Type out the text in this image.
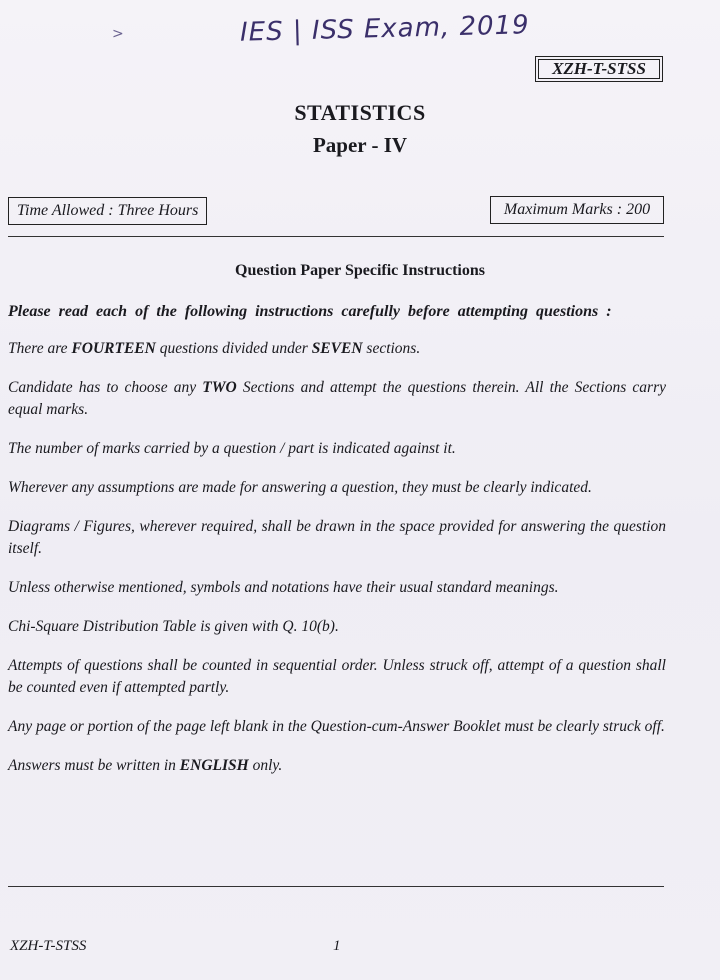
>	IES | ISS Exam, 2019
XZH-T-STSS
STATISTICS
Paper - IV
Time Allowed : Three Hours	Maximum Marks : 200
Question Paper Specific Instructions

Please read each of the following instructions carefully before attempting questions :

There are FOURTEEN questions divided under SEVEN sections.

Candidate has to choose any TWO Sections and attempt the questions therein. All the Sections carry equal marks.

The number of marks carried by a question / part is indicated against it.

Wherever any assumptions are made for answering a question, they must be clearly indicated.

Diagrams / Figures, wherever required, shall be drawn in the space provided for answering the question itself.

Unless otherwise mentioned, symbols and notations have their usual standard meanings.

Chi-Square Distribution Table is given with Q. 10(b).

Attempts of questions shall be counted in sequential order. Unless struck off, attempt of a question shall be counted even if attempted partly.

Any page or portion of the page left blank in the Question-cum-Answer Booklet must be clearly struck off.

Answers must be written in ENGLISH only.

XZH-T-STSS	1
